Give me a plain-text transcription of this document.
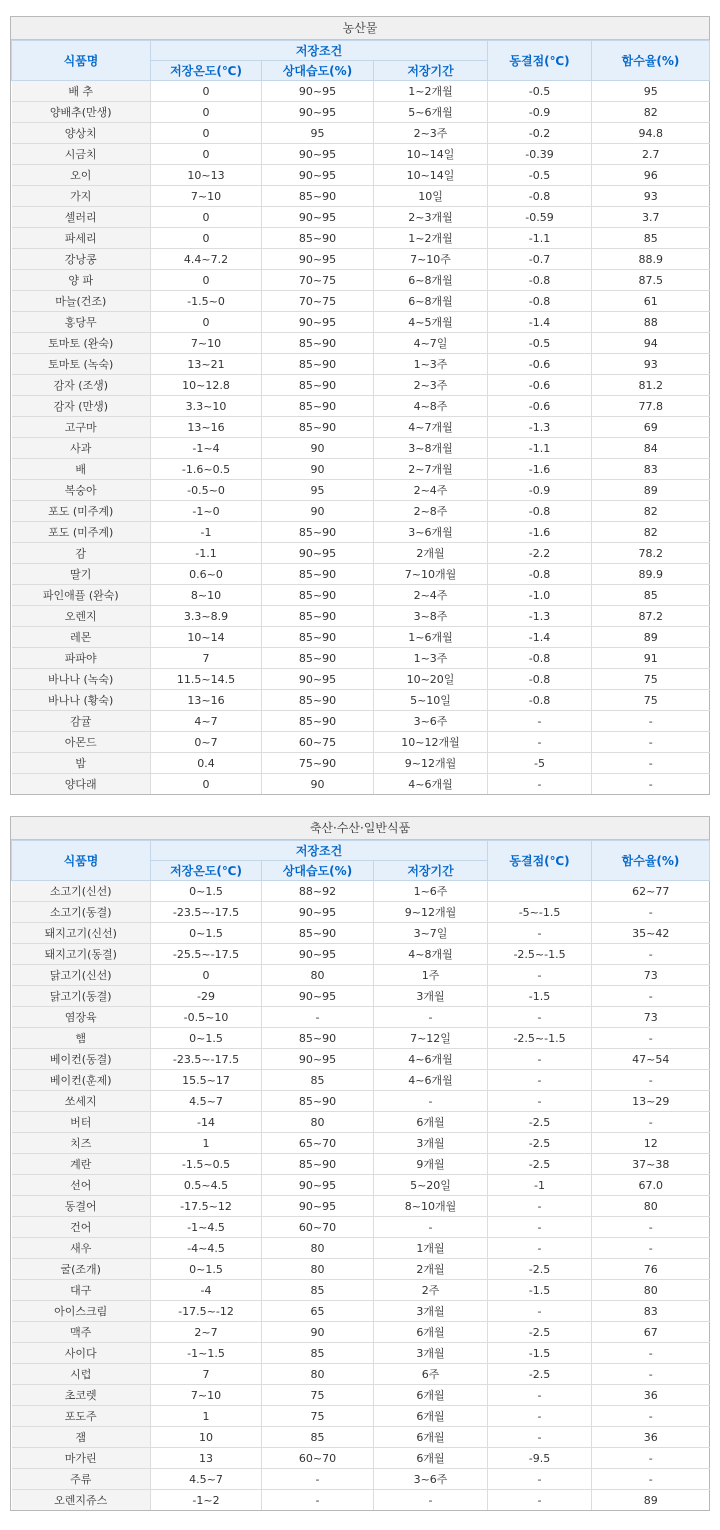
농산물
식품명	저장조건			동결점(℃)	함수율(%)
	저장온도(℃)	상대습도(%)	저장기간		
배 추	0	90~95	1~2개월	-0.5	95
양배추(만생)	0	90~95	5~6개월	-0.9	82
양상치	0	95	2~3주	-0.2	94.8
시금치	0	90~95	10~14일	-0.39	2.7
오이	10~13	90~95	10~14일	-0.5	96
가지	7~10	85~90	10일	-0.8	93
셀러리	0	90~95	2~3개월	-0.59	3.7
파세리	0	85~90	1~2개월	-1.1	85
강낭콩	4.4~7.2	90~95	7~10주	-0.7	88.9
양 파	0	70~75	6~8개월	-0.8	87.5
마늘(건조)	-1.5~0	70~75	6~8개월	-0.8	61
홍당무	0	90~95	4~5개월	-1.4	88
토마토 (완숙)	7~10	85~90	4~7일	-0.5	94
토마토 (녹숙)	13~21	85~90	1~3주	-0.6	93
감자 (조생)	10~12.8	85~90	2~3주	-0.6	81.2
감자 (만생)	3.3~10	85~90	4~8주	-0.6	77.8
고구마	13~16	85~90	4~7개월	-1.3	69
사과	-1~4	90	3~8개월	-1.1	84
배	-1.6~0.5	90	2~7개월	-1.6	83
복숭아	-0.5~0	95	2~4주	-0.9	89
포도 (미주계)	-1~0	90	2~8주	-0.8	82
포도 (미주계)	-1	85~90	3~6개월	-1.6	82
감	-1.1	90~95	2개월	-2.2	78.2
딸기	0.6~0	85~90	7~10개월	-0.8	89.9
파인애플 (완숙)	8~10	85~90	2~4주	-1.0	85
오렌지	3.3~8.9	85~90	3~8주	-1.3	87.2
레몬	10~14	85~90	1~6개월	-1.4	89
파파야	7	85~90	1~3주	-0.8	91
바나나 (녹숙)	11.5~14.5	90~95	10~20일	-0.8	75
바나나 (황숙)	13~16	85~90	5~10일	-0.8	75
감귤	4~7	85~90	3~6주	-	-
아몬드	0~7	60~75	10~12개월	-	-
밤	0.4	75~90	9~12개월	-5	-
양다래	0	90	4~6개월	-	-
축산·수산·일반식품
식품명	저장조건			동결점(℃)	함수율(%)
	저장온도(℃)	상대습도(%)	저장기간		
소고기(신선)	0~1.5	88~92	1~6주		62~77
소고기(동결)	-23.5~-17.5	90~95	9~12개월	-5~-1.5	-
돼지고기(신선)	0~1.5	85~90	3~7일	-	35~42
돼지고기(동결)	-25.5~-17.5	90~95	4~8개월	-2.5~-1.5	-
닭고기(신선)	0	80	1주	-	73
닭고기(동결)	-29	90~95	3개월	-1.5	-
염장육	-0.5~10	-	-	-	73
햄	0~1.5	85~90	7~12일	-2.5~-1.5	-
베이컨(동결)	-23.5~-17.5	90~95	4~6개월	-	47~54
베이컨(훈제)	15.5~17	85	4~6개월	-	-
쏘세지	4.5~7	85~90	-	-	13~29
버터	-14	80	6개월	-2.5	-
치즈	1	65~70	3개월	-2.5	12
계란	-1.5~0.5	85~90	9개월	-2.5	37~38
선어	0.5~4.5	90~95	5~20일	-1	67.0
동결어	-17.5~12	90~95	8~10개월	-	80
건어	-1~4.5	60~70	-	-	-
새우	-4~4.5	80	1개월	-	-
굴(조개)	0~1.5	80	2개월	-2.5	76
대구	-4	85	2주	-1.5	80
아이스크림	-17.5~-12	65	3개월	-	83
맥주	2~7	90	6개월	-2.5	67
사이다	-1~1.5	85	3개월	-1.5	-
시럽	7	80	6주	-2.5	-
초코렛	7~10	75	6개월	-	36
포도주	1	75	6개월	-	-
잼	10	85	6개월	-	36
마가린	13	60~70	6개월	-9.5	-
주류	4.5~7	-	3~6주	-	-
오렌지쥬스	-1~2	-	-	-	89
